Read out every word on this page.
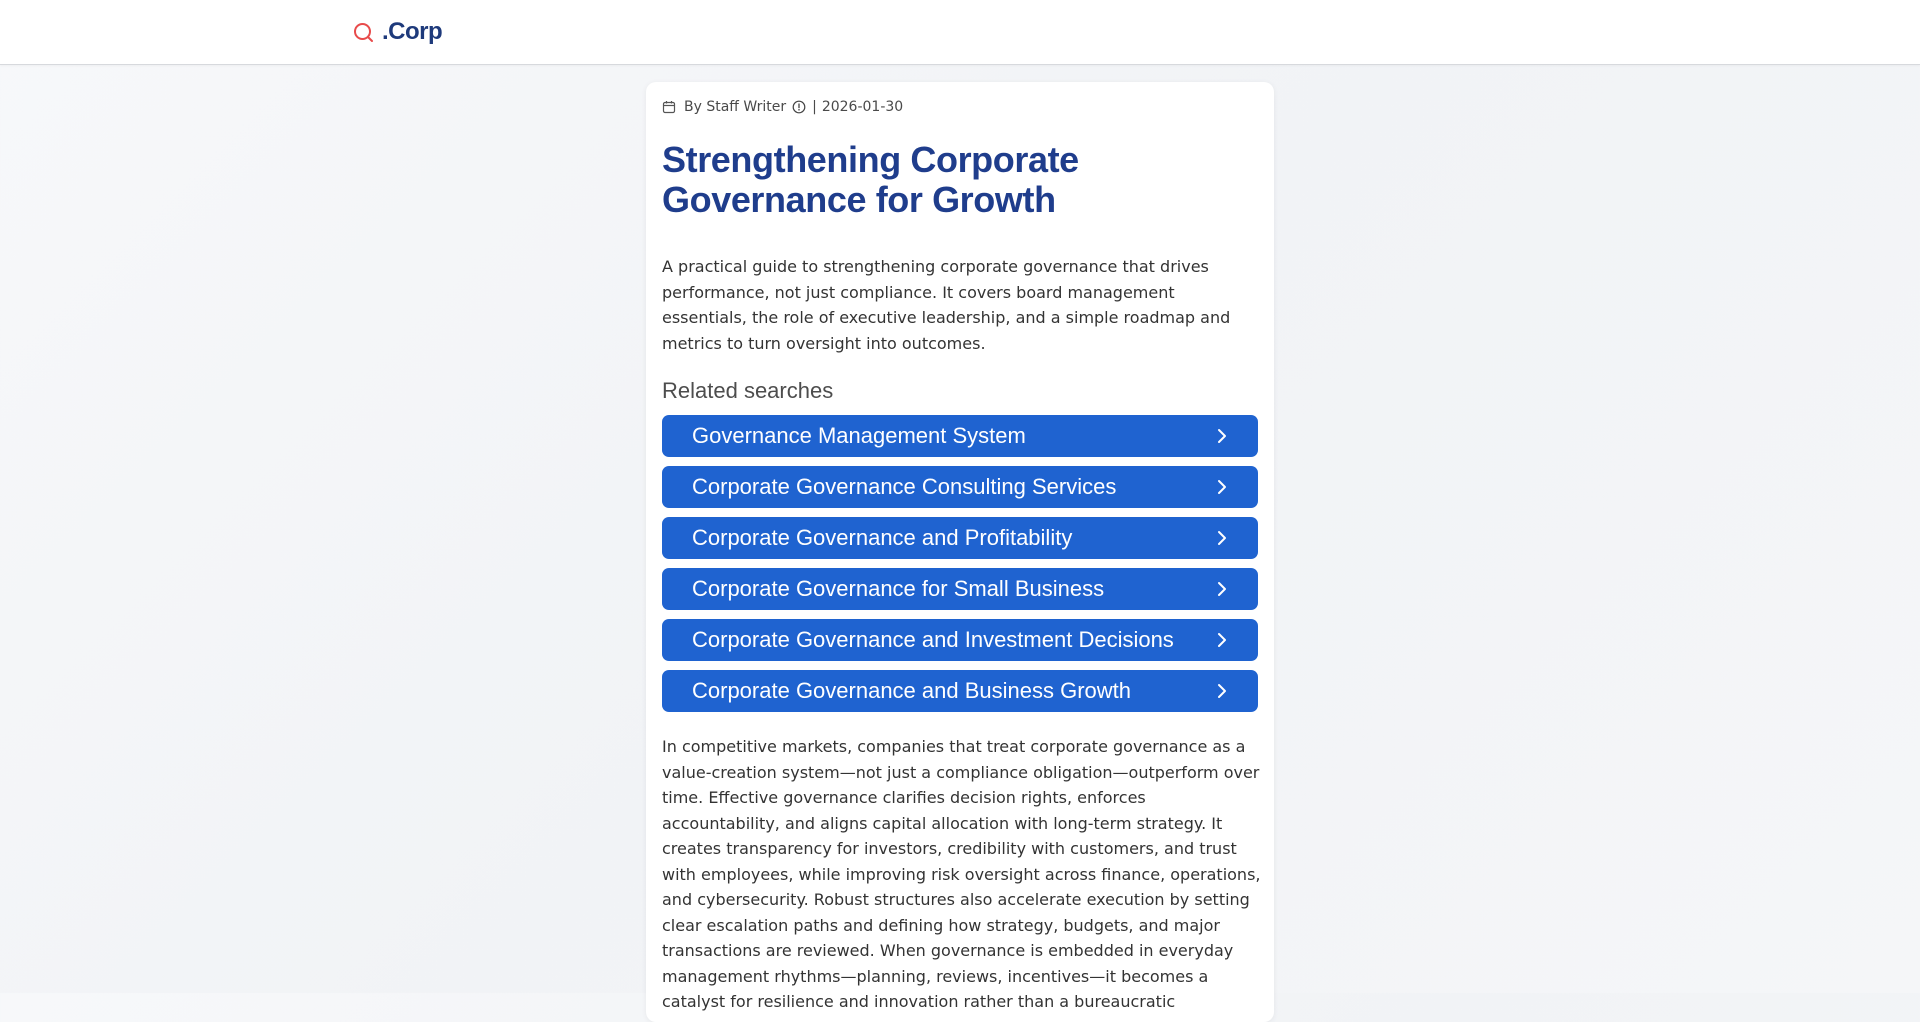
.Corp
By Staff Writer | 2026-01-30
Strengthening Corporate Governance for Growth

A practical guide to strengthening corporate governance that drives performance, not just compliance. It covers board management essentials, the role of executive leadership, and a simple roadmap and metrics to turn oversight into outcomes.

Related searches
Governance Management System
Corporate Governance Consulting Services
Corporate Governance and Profitability
Corporate Governance for Small Business
Corporate Governance and Investment Decisions
Corporate Governance and Business Growth

In competitive markets, companies that treat corporate governance as a value-creation system—not just a compliance obligation—outperform over time. Effective governance clarifies decision rights, enforces accountability, and aligns capital allocation with long-term strategy. It creates transparency for investors, credibility with customers, and trust with employees, while improving risk oversight across finance, operations, and cybersecurity. Robust structures also accelerate execution by setting clear escalation paths and defining how strategy, budgets, and major transactions are reviewed. When governance is embedded in everyday management rhythms—planning, reviews, incentives—it becomes a catalyst for resilience and innovation rather than a bureaucratic
